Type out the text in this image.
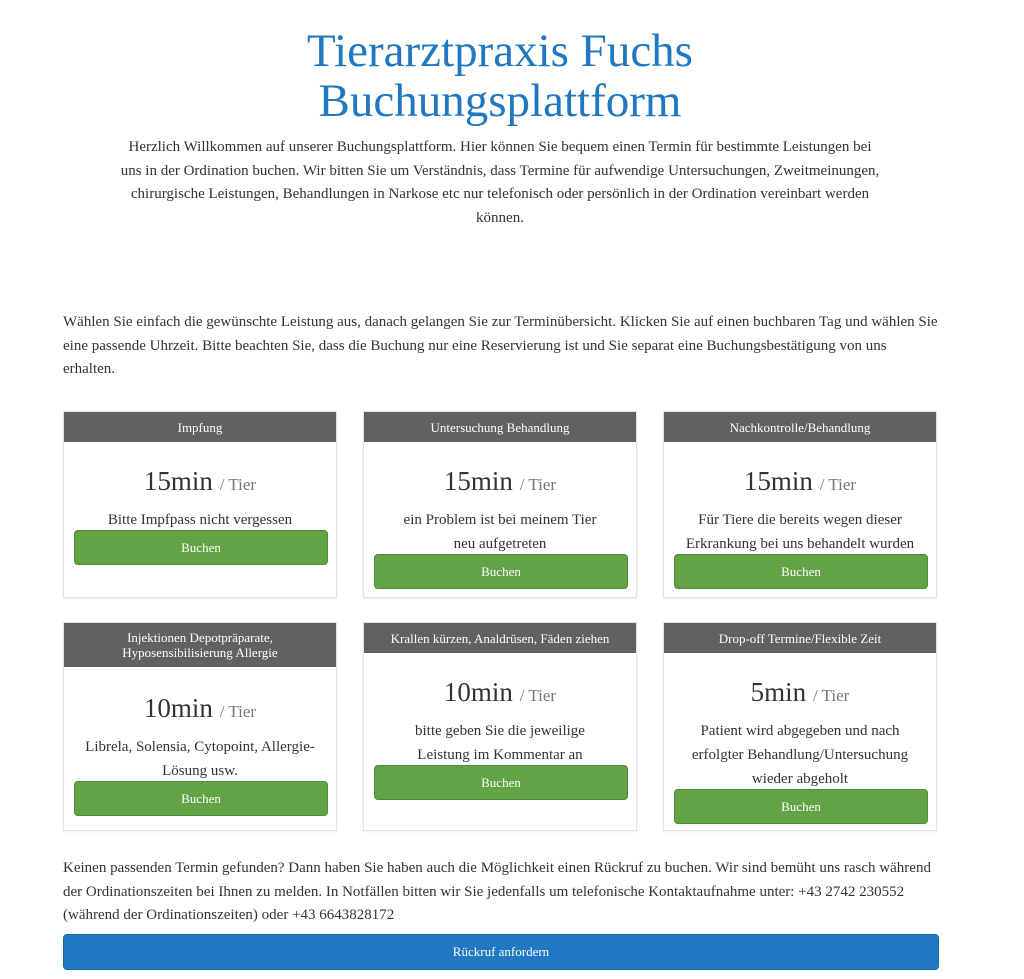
Tierarztpraxis Fuchs
Buchungsplattform

Herzlich Willkommen auf unserer Buchungsplattform. Hier können Sie bequem einen Termin für bestimmte Leistungen bei uns in der Ordination buchen. Wir bitten Sie um Verständnis, dass Termine für aufwendige Untersuchungen, Zweitmeinungen, chirurgische Leistungen, Behandlungen in Narkose etc nur telefonisch oder persönlich in der Ordination vereinbart werden können.

Wählen Sie einfach die gewünschte Leistung aus, danach gelangen Sie zur Terminübersicht. Klicken Sie auf einen buchbaren Tag und wählen Sie eine passende Uhrzeit. Bitte beachten Sie, dass die Buchung nur eine Reservierung ist und Sie separat eine Buchungsbestätigung von uns erhalten.

Impfung

15min / Tier

Bitte Impfpass nicht vergessen

Buchen
Untersuchung Behandlung

15min / Tier

ein Problem ist bei meinem Tier neu aufgetreten

Buchen
Nachkontrolle/Behandlung

15min / Tier

Für Tiere die bereits wegen dieser Erkrankung bei uns behandelt wurden

Buchen
Injektionen Depotpräparate, Hyposensibilisierung Allergie

10min / Tier

Librela, Solensia, Cytopoint, Allergie-Lösung usw.

Buchen
Krallen kürzen, Analdrüsen, Fäden ziehen

10min / Tier

bitte geben Sie die jeweilige Leistung im Kommentar an

Buchen
Drop-off Termine/Flexible Zeit

5min / Tier

Patient wird abgegeben und nach erfolgter Behandlung/Untersuchung wieder abgeholt

Buchen

Keinen passenden Termin gefunden? Dann haben Sie haben auch die Möglichkeit einen Rückruf zu buchen. Wir sind bemüht uns rasch während der Ordinationszeiten bei Ihnen zu melden. In Notfällen bitten wir Sie jedenfalls um telefonische Kontaktaufnahme unter: +43 2742 230552 (während der Ordinationszeiten) oder +43 6643828172

Rückruf anfordern
